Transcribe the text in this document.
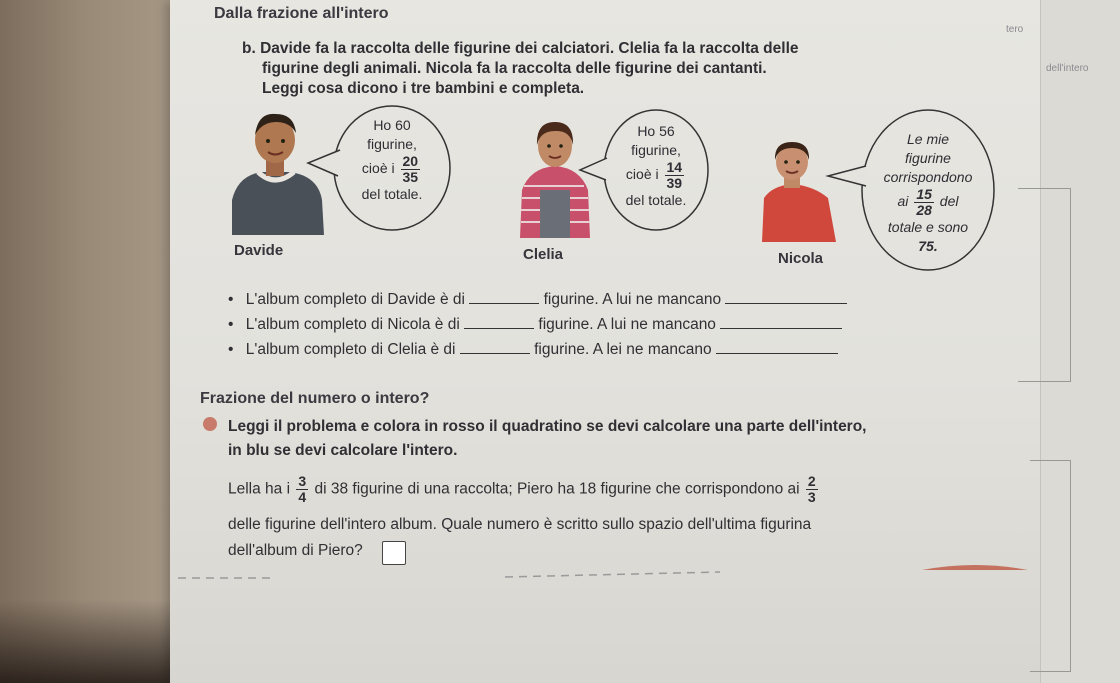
tero
dell'intero
Dalla frazione all'intero
b. Davide fa la raccolta delle figurine dei calciatori. Clelia fa la raccolta delle
figurine degli animali. Nicola fa la raccolta delle figurine dei cantanti.
Leggi cosa dicono i tre bambini e completa.
Ho 60
figurine,
cioè i $\frac{20}{35}$
del totale.
Davide
Ho 56
figurine,
cioè i $\frac{14}{39}$
del totale.
Clelia
Le mie
figurine
corrispondono
ai $\frac{15}{28}$ del
totale e sono
75.
Nicola
• L'album completo di Davide è di	figurine. A lui ne mancano
• L'album completo di Nicola è di	figurine. A lui ne mancano
• L'album completo di Clelia è di	figurine. A lei ne mancano
Frazione del numero o intero?
Leggi il problema e colora in rosso il quadratino se devi calcolare una parte dell'intero,
in blu se devi calcolare l'intero.
Lella ha i $\frac{3}{4}$ di 38 figurine di una raccolta; Piero ha 18 figurine che corrispondono ai $\frac{2}{3}$
delle figurine dell'intero album. Quale numero è scritto sullo spazio dell'ultima figurina
dell'album di Piero?
